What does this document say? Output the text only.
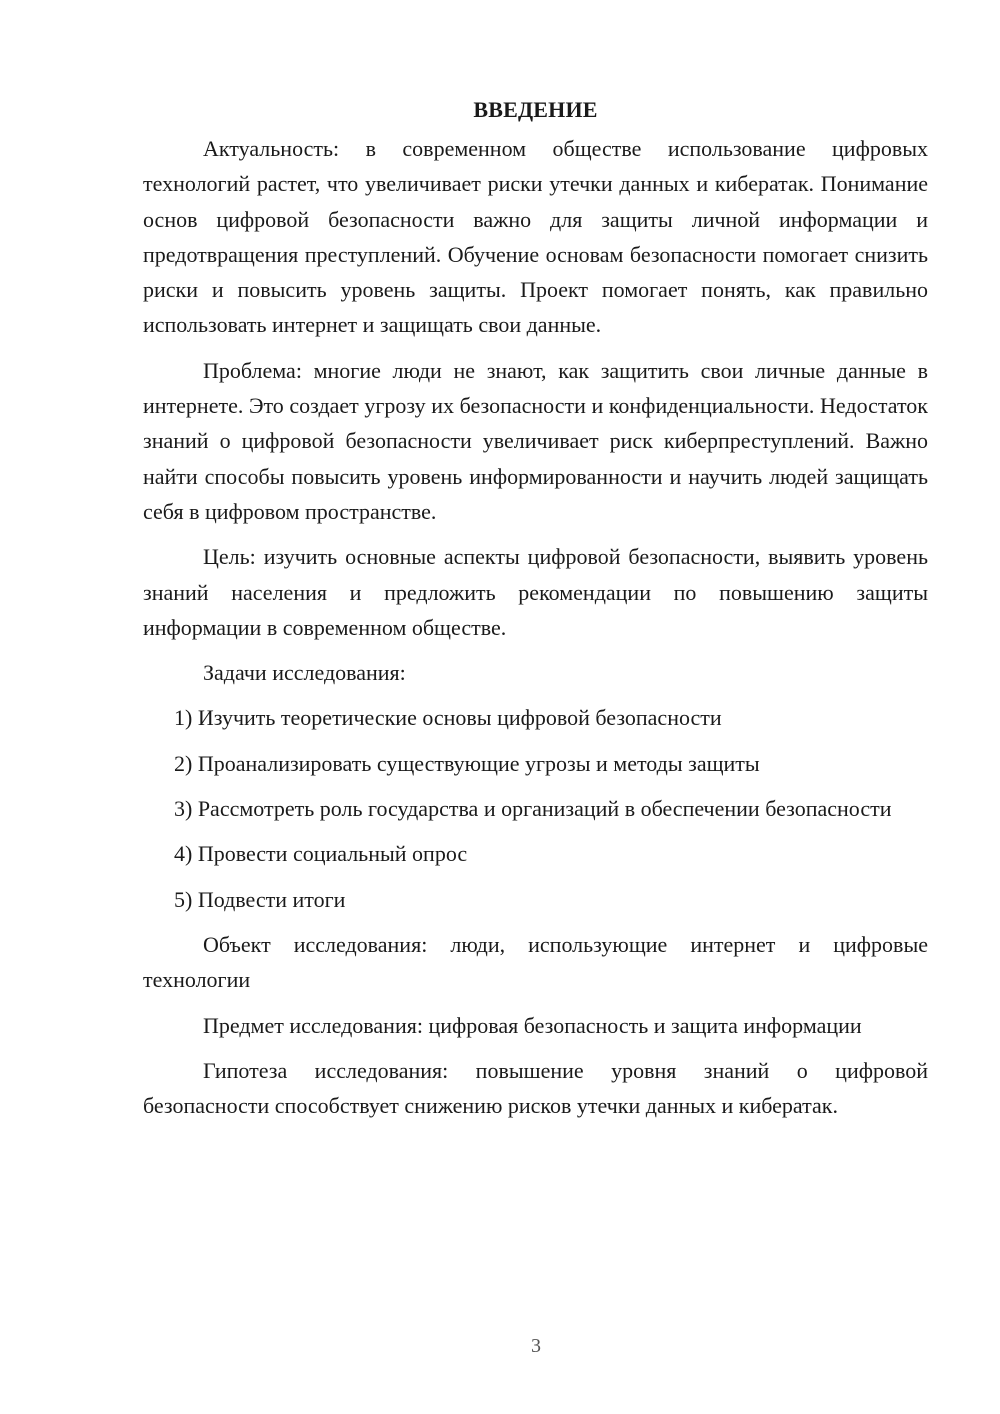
ВВЕДЕНИЕ

Актуальность: в современном обществе использование цифровых технологий растет, что увеличивает риски утечки данных и кибератак. Понимание основ цифровой безопасности важно для защиты личной информации и предотвращения преступлений. Обучение основам безопасности помогает снизить риски и повысить уровень защиты. Проект помогает понять, как правильно использовать интернет и защищать свои данные.

Проблема: многие люди не знают, как защитить свои личные данные в интернете. Это создает угрозу их безопасности и конфиденциальности. Недостаток знаний о цифровой безопасности увеличивает риск киберпреступлений. Важно найти способы повысить уровень информированности и научить людей защищать себя в цифровом пространстве.

Цель: изучить основные аспекты цифровой безопасности, выявить уровень знаний населения и предложить рекомендации по повышению защиты информации в современном обществе.

Задачи исследования:

1) Изучить теоретические основы цифровой безопасности

2) Проанализировать существующие угрозы и методы защиты

3) Рассмотреть роль государства и организаций в обеспечении безопасности

4) Провести социальный опрос

5) Подвести итоги

Объект исследования: люди, использующие интернет и цифровые технологии

Предмет исследования: цифровая безопасность и защита информации

Гипотеза исследования: повышение уровня знаний о цифровой безопасности способствует снижению рисков утечки данных и кибератак.

3
